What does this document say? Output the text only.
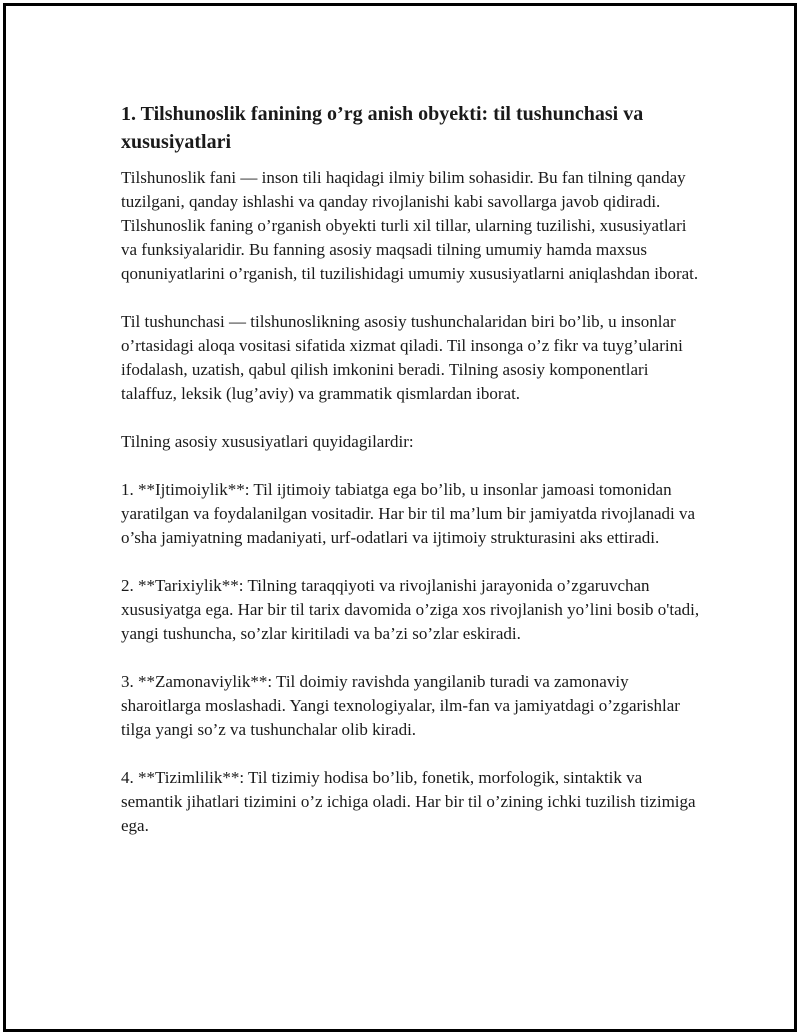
1. Tilshunoslik fanining o’rg anish obyekti: til tushunchasi va xususiyatlari

Tilshunoslik fani — inson tili haqidagi ilmiy bilim sohasidir. Bu fan tilning qanday tuzilgani, qanday ishlashi va qanday rivojlanishi kabi savollarga javob qidiradi. Tilshunoslik faning o’rganish obyekti turli xil tillar, ularning tuzilishi, xususiyatlari va funksiyalaridir. Bu fanning asosiy maqsadi tilning umumiy hamda maxsus qonuniyatlarini o’rganish, til tuzilishidagi umumiy xususiyatlarni aniqlashdan iborat.

Til tushunchasi — tilshunoslikning asosiy tushunchalaridan biri bo’lib, u insonlar o’rtasidagi aloqa vositasi sifatida xizmat qiladi. Til insonga o’z fikr va tuyg’ularini ifodalash, uzatish, qabul qilish imkonini beradi. Tilning asosiy komponentlari talaffuz, leksik (lug’aviy) va grammatik qismlardan iborat.

Tilning asosiy xususiyatlari quyidagilardir:

1. **Ijtimoiylik**: Til ijtimoiy tabiatga ega bo’lib, u insonlar jamoasi tomonidan yaratilgan va foydalanilgan vositadir. Har bir til ma’lum bir jamiyatda rivojlanadi va o’sha jamiyatning madaniyati, urf-odatlari va ijtimoiy strukturasini aks ettiradi.

2. **Tarixiylik**: Tilning taraqqiyoti va rivojlanishi jarayonida o’zgaruvchan xususiyatga ega. Har bir til tarix davomida o’ziga xos rivojlanish yo’lini bosib o'tadi, yangi tushuncha, so’zlar kiritiladi va ba’zi so’zlar eskiradi.

3. **Zamonaviylik**: Til doimiy ravishda yangilanib turadi va zamonaviy sharoitlarga moslashadi. Yangi texnologiyalar, ilm-fan va jamiyatdagi o’zgarishlar tilga yangi so’z va tushunchalar olib kiradi.

4. **Tizimlilik**: Til tizimiy hodisa bo’lib, fonetik, morfologik, sintaktik va semantik jihatlari tizimini o’z ichiga oladi. Har bir til o’zining ichki tuzilish tizimiga ega.
